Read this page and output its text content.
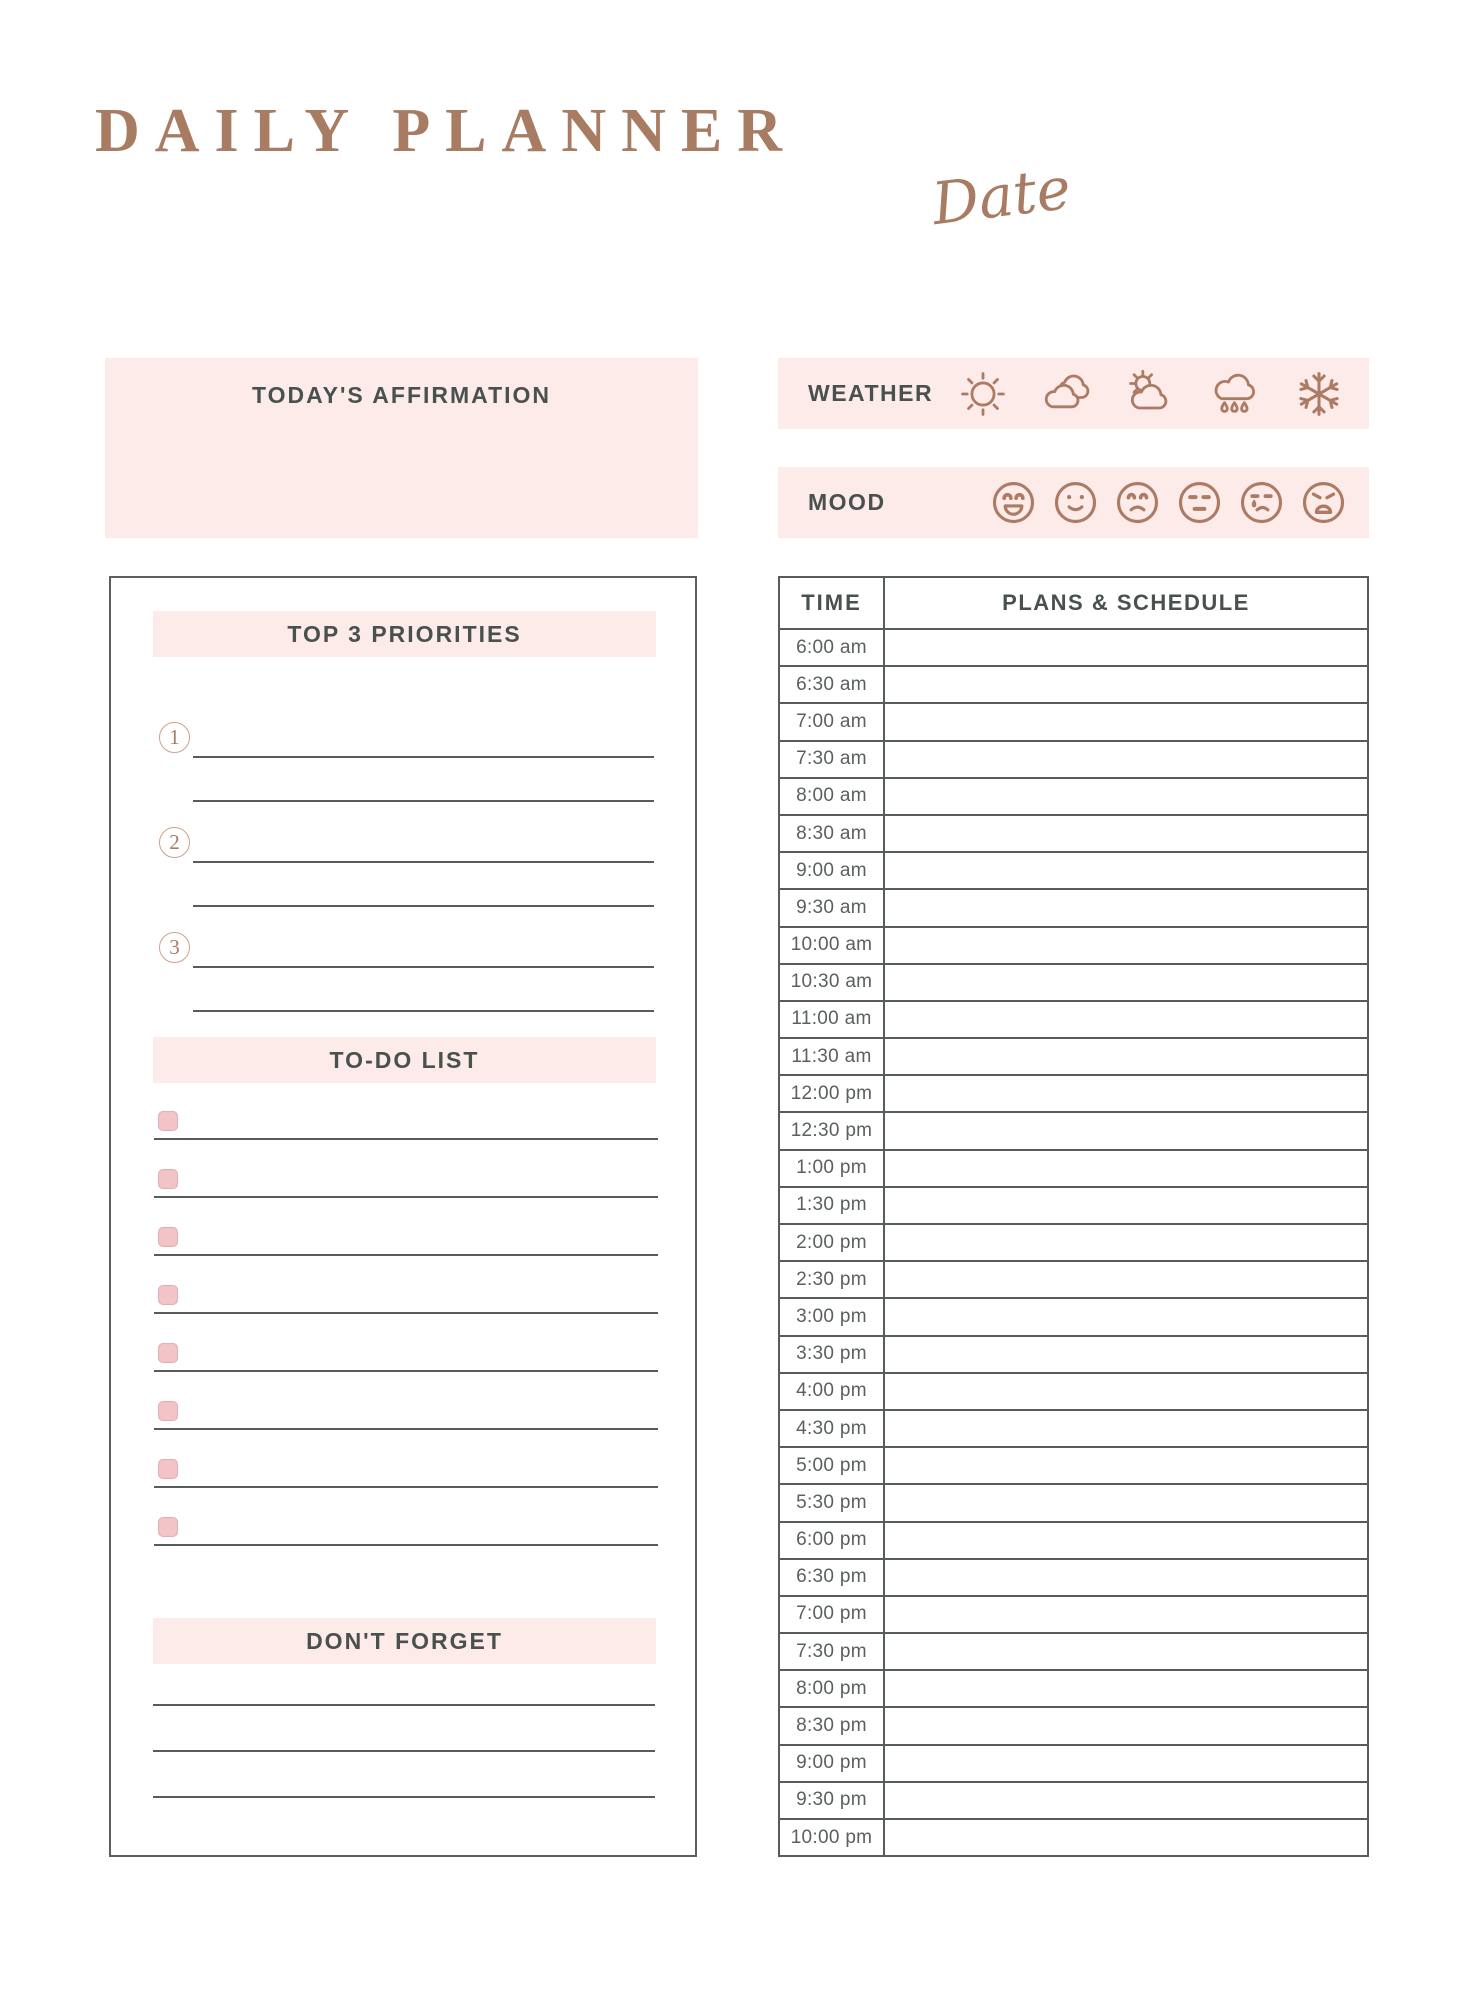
DAILY PLANNER
Date
TODAY'S AFFIRMATION	WEATHER
MOOD
TOP 3 PRIORITIES
1
2
3
TO-DO LIST
DON'T FORGET
TIME	PLANS & SCHEDULE
6:00 am
6:30 am
7:00 am
7:30 am
8:00 am
8:30 am
9:00 am
9:30 am
10:00 am
10:30 am
11:00 am
11:30 am
12:00 pm
12:30 pm
1:00 pm
1:30 pm
2:00 pm
2:30 pm
3:00 pm
3:30 pm
4:00 pm
4:30 pm
5:00 pm
5:30 pm
6:00 pm
6:30 pm
7:00 pm
7:30 pm
8:00 pm
8:30 pm
9:00 pm
9:30 pm
10:00 pm
